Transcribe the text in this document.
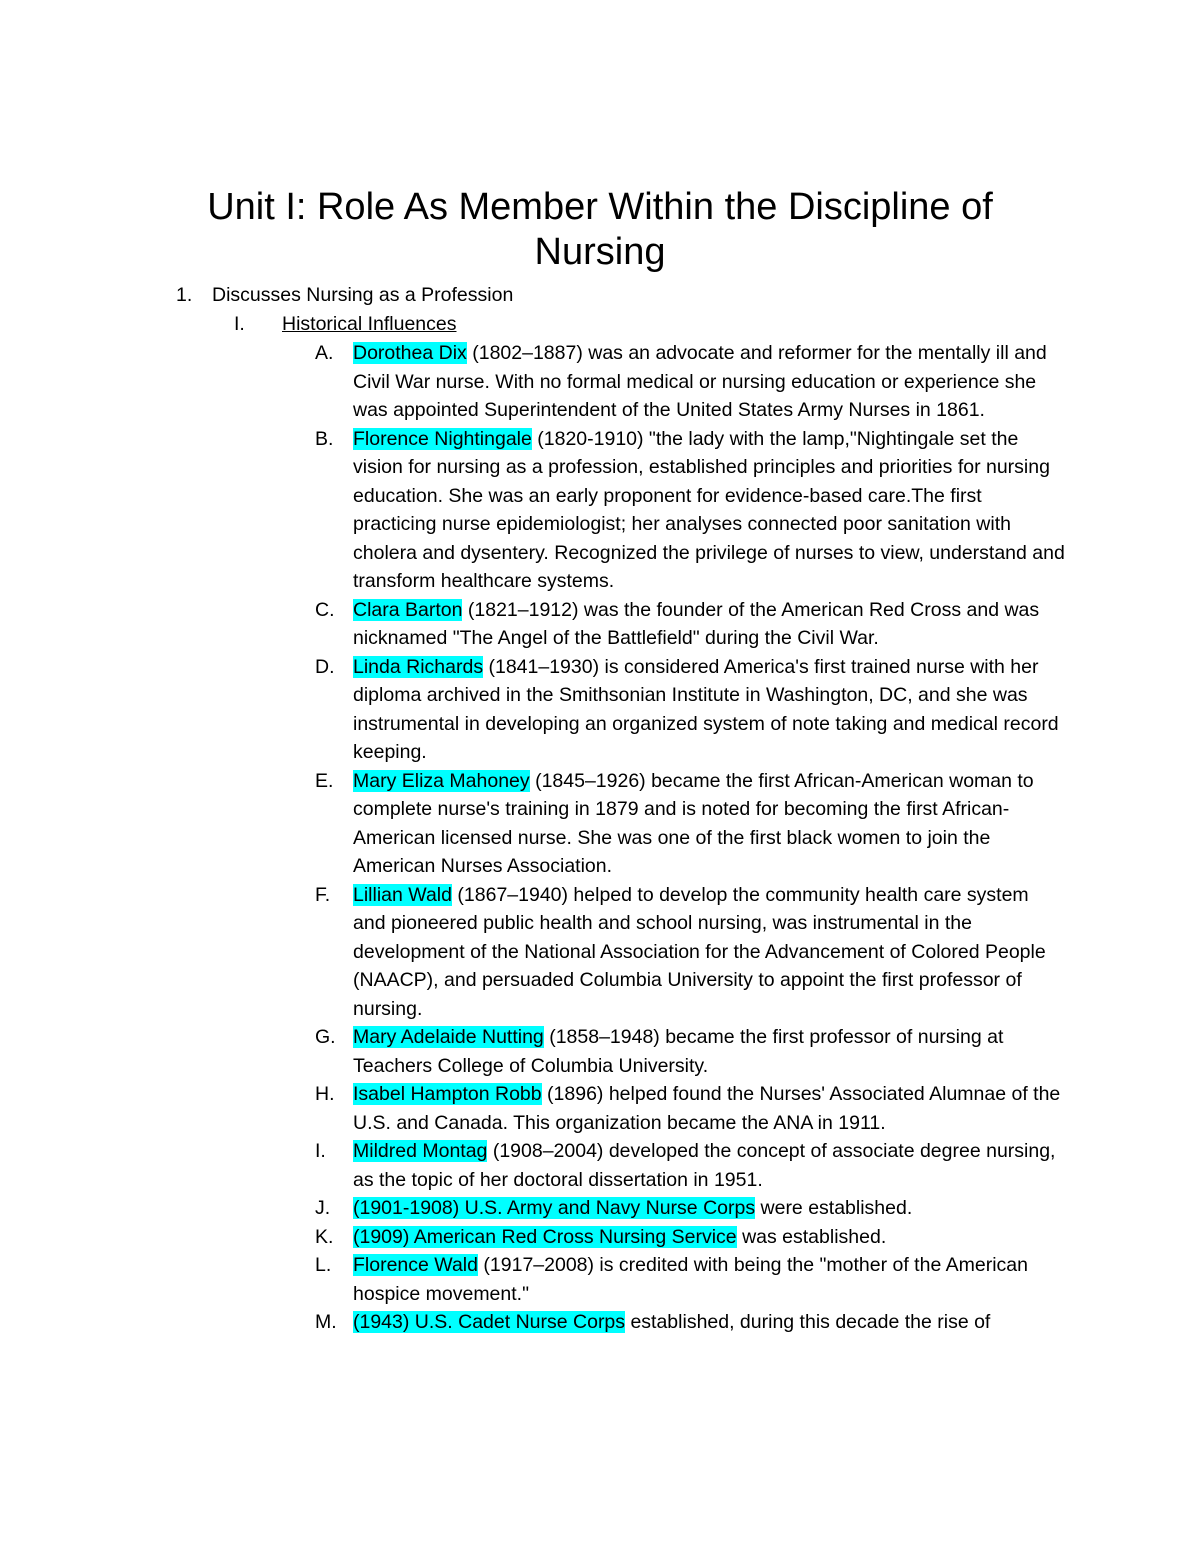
Unit I: Role As Member Within the Discipline of
Nursing
1. Discusses Nursing as a Profession
I. Historical Influences
A. Dorothea Dix (1802–1887) was an advocate and reformer for the mentally ill and Civil War nurse. With no formal medical or nursing education or experience she was appointed Superintendent of the United States Army Nurses in 1861.
B. Florence Nightingale (1820-1910) "the lady with the lamp,"Nightingale set the vision for nursing as a profession, established principles and priorities for nursing education. She was an early proponent for evidence-based care.The first practicing nurse epidemiologist; her analyses connected poor sanitation with cholera and dysentery. Recognized the privilege of nurses to view, understand and transform healthcare systems.
C. Clara Barton (1821–1912) was the founder of the American Red Cross and was nicknamed "The Angel of the Battlefield" during the Civil War.
D. Linda Richards (1841–1930) is considered America's first trained nurse with her diploma archived in the Smithsonian Institute in Washington, DC, and she was instrumental in developing an organized system of note taking and medical record keeping.
E. Mary Eliza Mahoney (1845–1926) became the first African-American woman to complete nurse's training in 1879 and is noted for becoming the first African-American licensed nurse. She was one of the first black women to join the American Nurses Association.
F. Lillian Wald (1867–1940) helped to develop the community health care system and pioneered public health and school nursing, was instrumental in the development of the National Association for the Advancement of Colored People (NAACP), and persuaded Columbia University to appoint the first professor of nursing.
G. Mary Adelaide Nutting (1858–1948) became the first professor of nursing at Teachers College of Columbia University.
H. Isabel Hampton Robb (1896) helped found the Nurses' Associated Alumnae of the U.S. and Canada. This organization became the ANA in 1911.
I. Mildred Montag (1908–2004) developed the concept of associate degree nursing, as the topic of her doctoral dissertation in 1951.
J. (1901-1908) U.S. Army and Navy Nurse Corps were established.
K. (1909) American Red Cross Nursing Service was established.
L. Florence Wald (1917–2008) is credited with being the "mother of the American hospice movement."
M. (1943) U.S. Cadet Nurse Corps established, during this decade the rise of
